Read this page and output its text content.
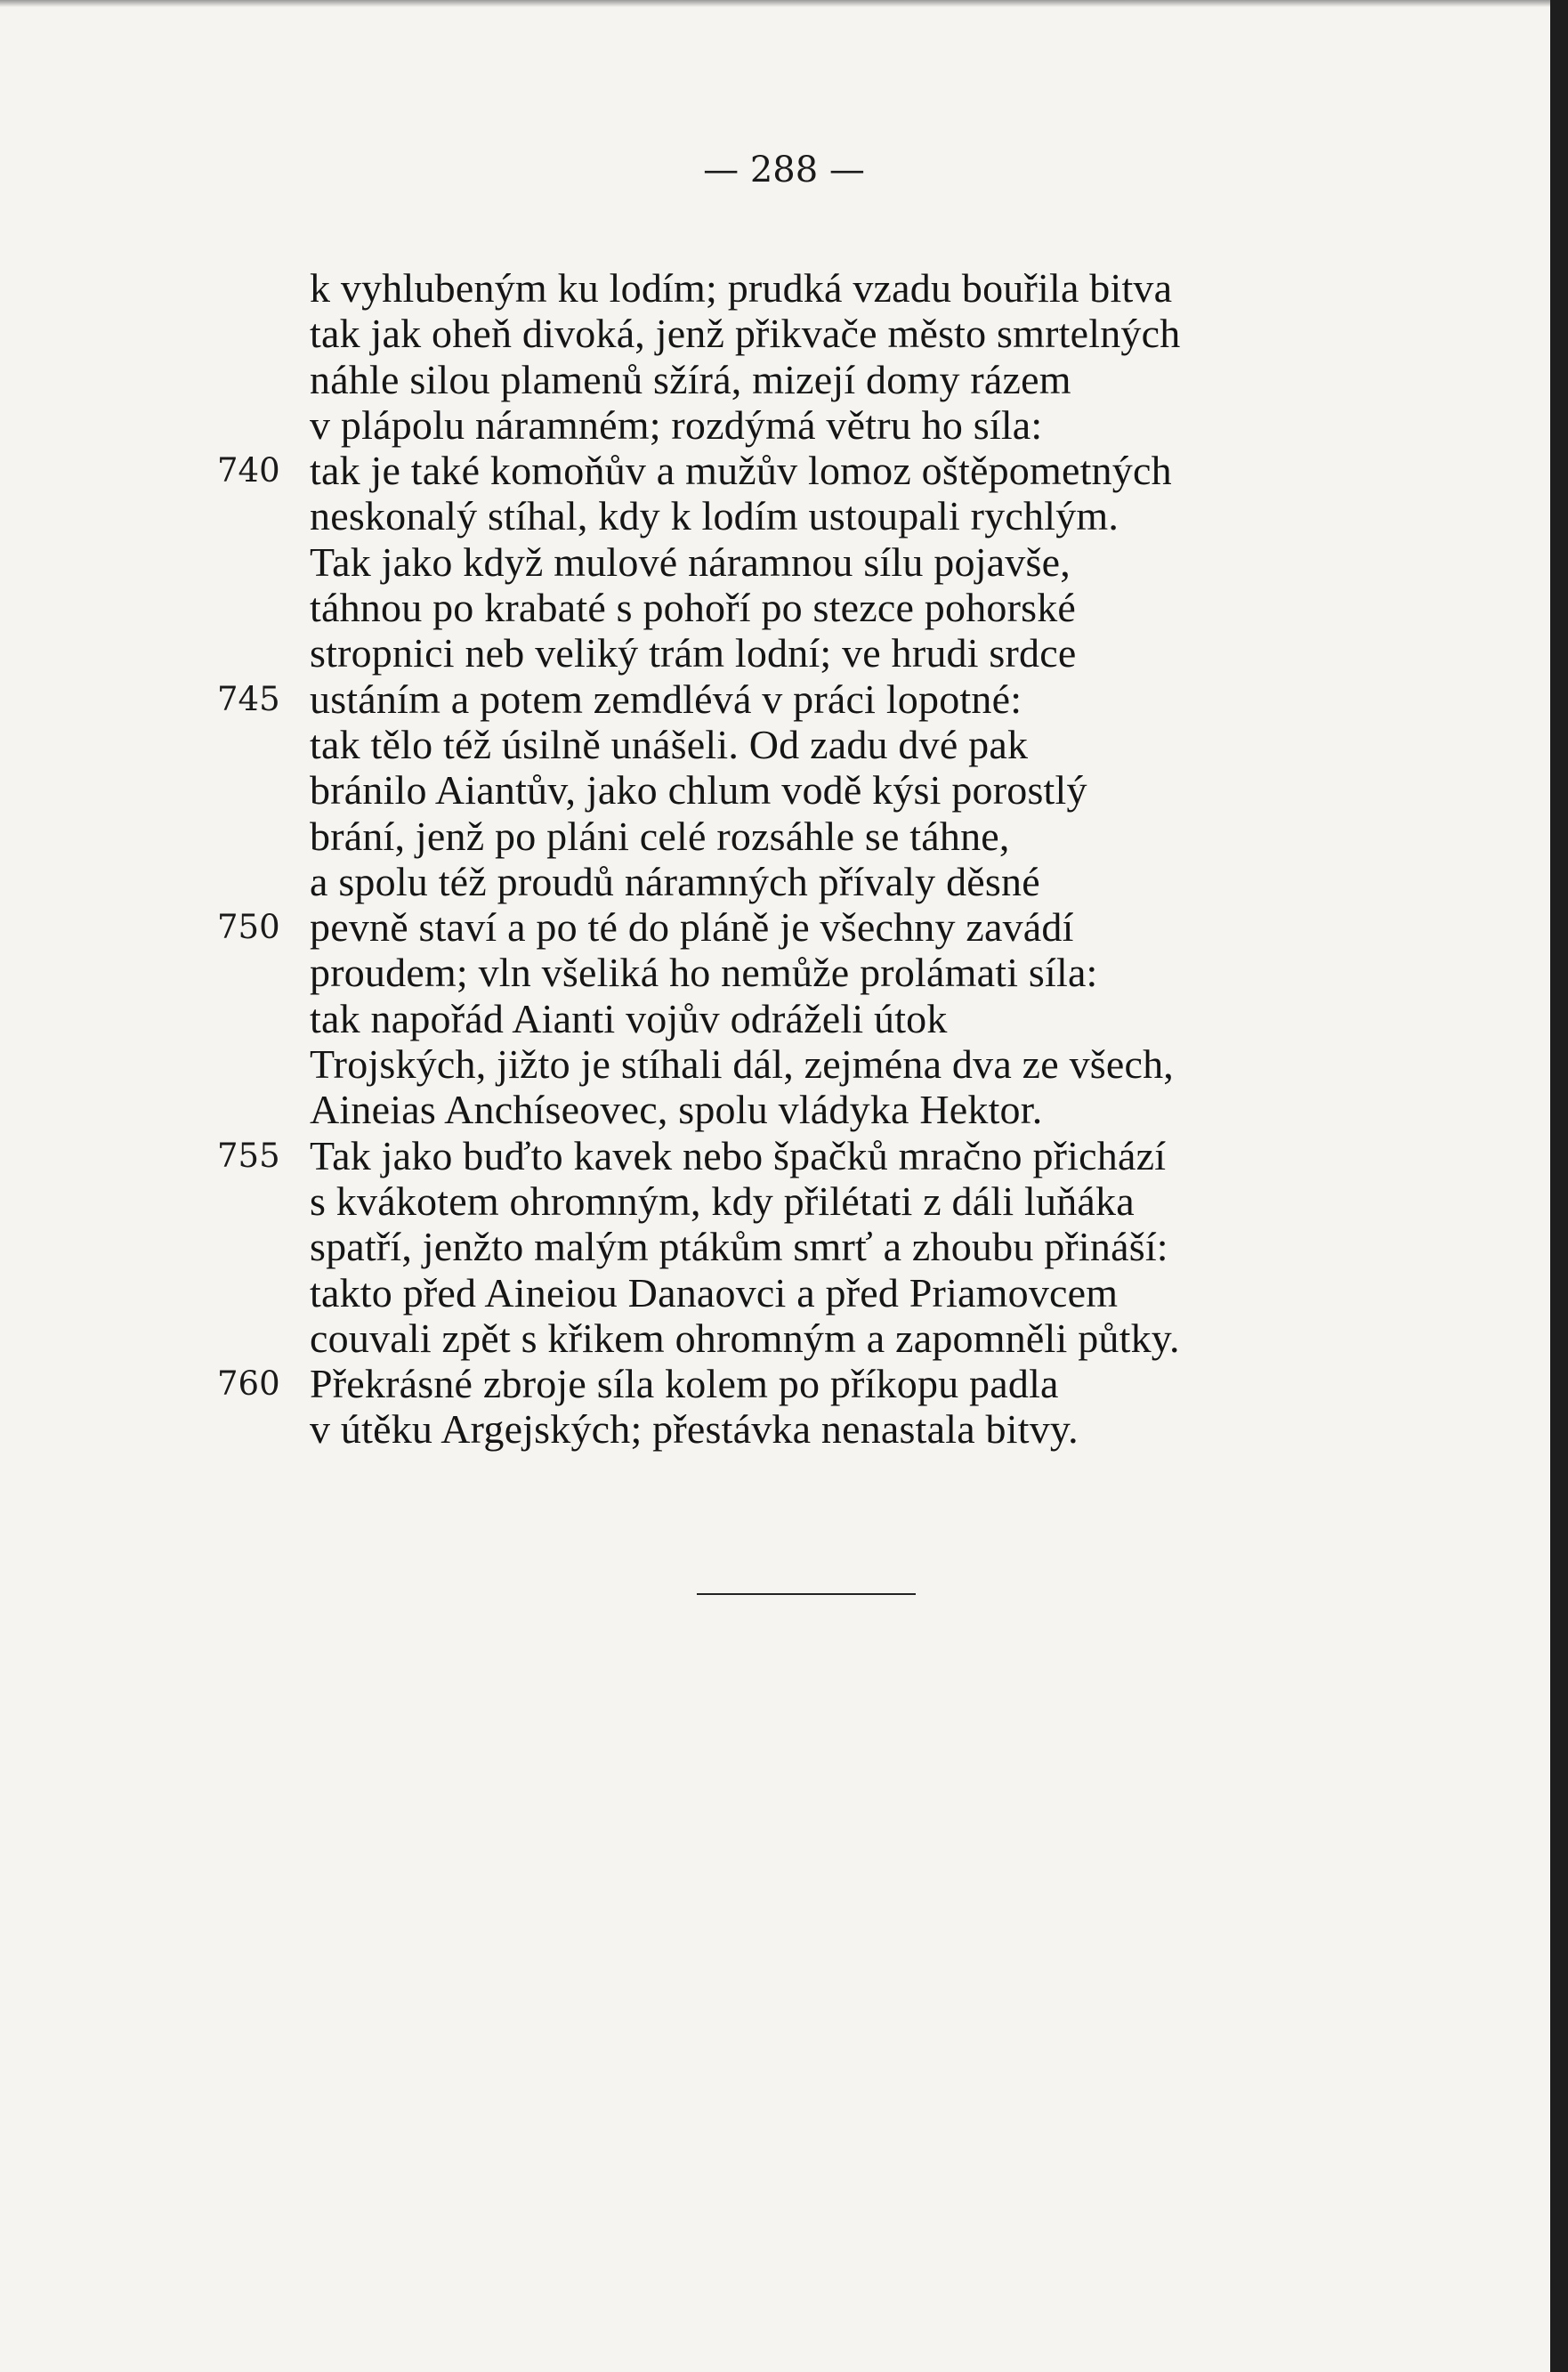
— 288 —
k vyhlubeným ku lodím; prudká vzadu bouřila bitva
tak jak oheň divoká, jenž přikvače město smrtelných
náhle silou plamenů sžírá, mizejí domy rázem
v plápolu náramném; rozdýmá větru ho síla:
740 tak je také komoňův a mužův lomoz oštěpometných
neskonalý stíhal, kdy k lodím ustoupali rychlým.
Tak jako když mulové náramnou sílu pojavše,
táhnou po krabaté s pohoří po stezce pohorské
stropnici neb veliký trám lodní; ve hrudi srdce
745 ustáním a potem zemdlévá v práci lopotné:
tak tělo též úsilně unášeli. Od zadu dvé pak
bránilo Aiantův, jako chlum vodě kýsi porostlý
brání, jenž po pláni celé rozsáhle se táhne,
a spolu též proudů náramných přívaly děsné
750 pevně staví a po té do pláně je všechny zavádí
proudem; vln všeliká ho nemůže prolámati síla:
tak napořád Aianti vojův odráželi útok
Trojských, jižto je stíhali dál, zejména dva ze všech,
Aineias Anchíseovec, spolu vládyka Hektor.
755 Tak jako buďto kavek nebo špačků mračno přichází
s kvákotem ohromným, kdy přilétati z dáli luňáka
spatří, jenžto malým ptákům smrť a zhoubu přináší:
takto před Aineiou Danaovci a před Priamovcem
couvali zpět s křikem ohromným a zapomněli půtky.
760 Překrásné zbroje síla kolem po příkopu padla
v útěku Argejských; přestávka nenastala bitvy.
